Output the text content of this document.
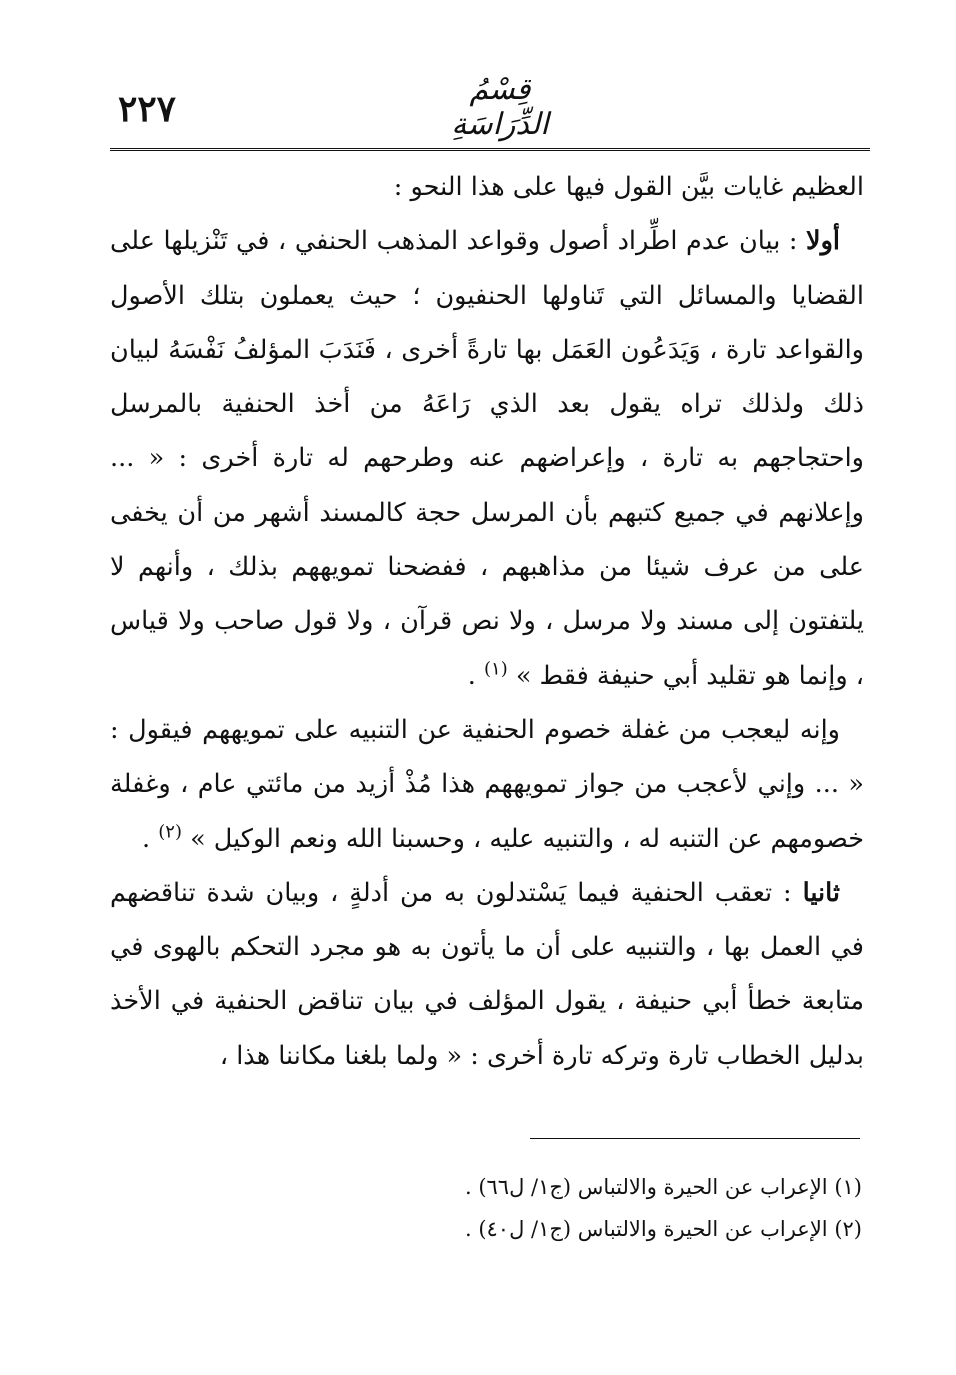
٢٢٧	قِسْمُ الدِّرَاسَةِ

العظيم غايات بيَّن القول فيها على هذا النحو :

أولا : بيان عدم اطِّراد أصول وقواعد المذهب الحنفي ، في تَنْزيلها على القضايا والمسائل التي تَناولها الحنفيون ؛ حيث يعملون بتلك الأصول والقواعد تارة ، وَيَدَعُون العَمَل بها تارةً أخرى ، فَنَدَبَ المؤلفُ نَفْسَهُ لبيان ذلك ولذلك تراه يقول بعد الذي رَاعَهُ من أخذ الحنفية بالمرسل واحتجاجهم به تارة ، وإعراضهم عنه وطرحهم له تارة أخرى : « ... وإعلانهم في جميع كتبهم بأن المرسل حجة كالمسند أشهر من أن يخفى على من عرف شيئا من مذاهبهم ، ففضحنا تمويههم بذلك ، وأنهم لا يلتفتون إلى مسند ولا مرسل ، ولا نص قرآن ، ولا قول صاحب ولا قياس ، وإنما هو تقليد أبي حنيفة فقط » $^{(١)}$ .

وإنه ليعجب من غفلة خصوم الحنفية عن التنبيه على تمويههم فيقول : « ... وإني لأعجب من جواز تمويههم هذا مُذْ أزيد من مائتي عام ، وغفلة خصومهم عن التنبه له ، والتنبيه عليه ، وحسبنا الله ونعم الوكيل » $^{(٢)}$ .

ثانيا : تعقب الحنفية فيما يَسْتدلون به من أدلةٍ ، وبيان شدة تناقضهم في العمل بها ، والتنبيه على أن ما يأتون به هو مجرد التحكم بالهوى في متابعة خطأ أبي حنيفة ، يقول المؤلف في بيان تناقض الحنفية في الأخذ بدليل الخطاب تارة وتركه تارة أخرى : « ولما بلغنا مكاننا هذا ،

(١) الإعراب عن الحيرة والالتباس (ج١/ ل٦٦) .

(٢) الإعراب عن الحيرة والالتباس (ج١/ ل٤٠) .
